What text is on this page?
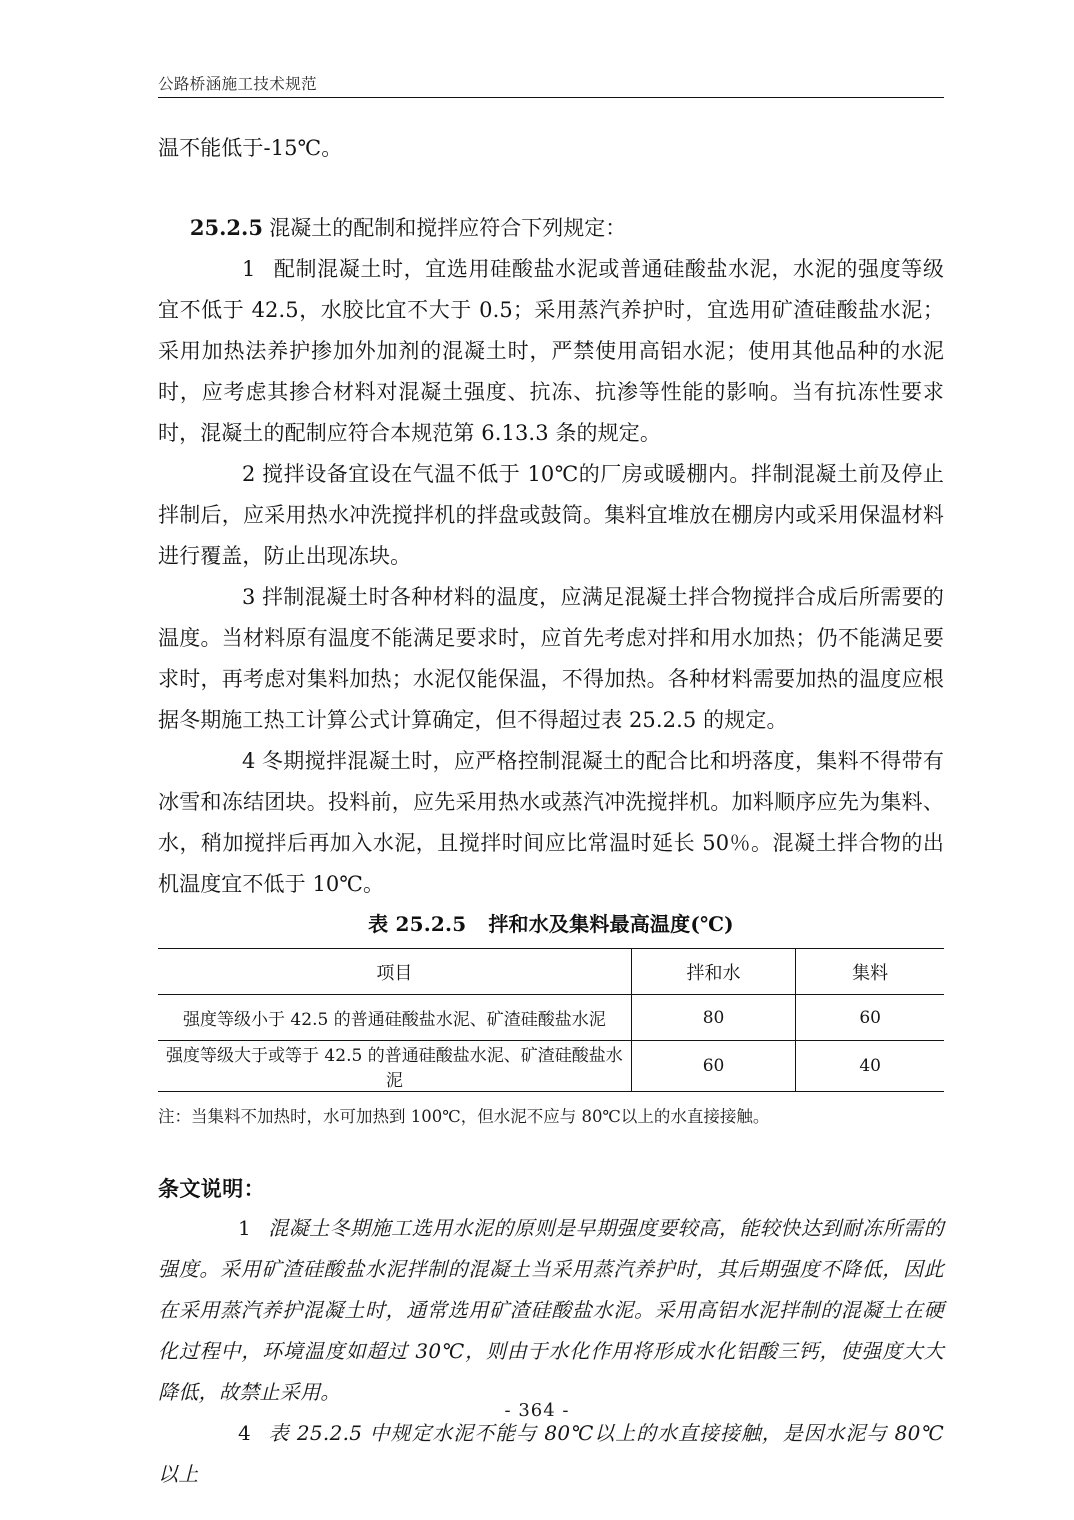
公路桥涵施工技术规范

温不能低于-15℃。

25.2.5 混凝土的配制和搅拌应符合下列规定：

1 配制混凝土时，宜选用硅酸盐水泥或普通硅酸盐水泥，水泥的强度等级宜不低于 42.5，水胶比宜不大于 0.5；采用蒸汽养护时，宜选用矿渣硅酸盐水泥；采用加热法养护掺加外加剂的混凝土时，严禁使用高铝水泥；使用其他品种的水泥时，应考虑其掺合材料对混凝土强度、抗冻、抗渗等性能的影响。当有抗冻性要求时，混凝土的配制应符合本规范第 6.13.3 条的规定。

2 搅拌设备宜设在气温不低于 10℃的厂房或暖棚内。拌制混凝土前及停止拌制后，应采用热水冲洗搅拌机的拌盘或鼓筒。集料宜堆放在棚房内或采用保温材料进行覆盖，防止出现冻块。

3 拌制混凝土时各种材料的温度，应满足混凝土拌合物搅拌合成后所需要的温度。当材料原有温度不能满足要求时，应首先考虑对拌和用水加热；仍不能满足要求时，再考虑对集料加热；水泥仅能保温，不得加热。各种材料需要加热的温度应根据冬期施工热工计算公式计算确定，但不得超过表 25.2.5 的规定。

4 冬期搅拌混凝土时，应严格控制混凝土的配合比和坍落度，集料不得带有冰雪和冻结团块。投料前，应先采用热水或蒸汽冲洗搅拌机。加料顺序应先为集料、水，稍加搅拌后再加入水泥，且搅拌时间应比常温时延长 50％。混凝土拌合物的出机温度宜不低于 10℃。

表 25.2.5 拌和水及集料最高温度(℃)

项目	拌和水	集料
强度等级小于 42.5 的普通硅酸盐水泥、矿渣硅酸盐水泥	80	60
强度等级大于或等于 42.5 的普通硅酸盐水泥、矿渣硅酸盐水泥	60	40

注：当集料不加热时，水可加热到 100℃，但水泥不应与 80℃以上的水直接接触。

条文说明：

1 混凝土冬期施工选用水泥的原则是早期强度要较高，能较快达到耐冻所需的强度。采用矿渣硅酸盐水泥拌制的混凝土当采用蒸汽养护时，其后期强度不降低，因此在采用蒸汽养护混凝土时，通常选用矿渣硅酸盐水泥。采用高铝水泥拌制的混凝土在硬化过程中，环境温度如超过 30℃，则由于水化作用将形成水化铝酸三钙，使强度大大降低，故禁止采用。

4 表 25.2.5 中规定水泥不能与 80℃以上的水直接接触，是因水泥与 80℃以上

- 364 -
